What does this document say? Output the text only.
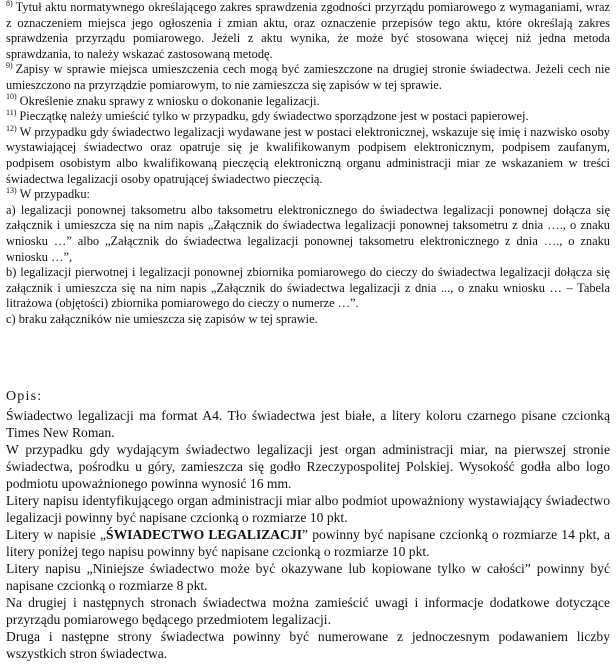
$^{8)}$ Tytuł aktu normatywnego określającego zakres sprawdzenia zgodności przyrządu pomiarowego z wymaganiami, wraz z oznaczeniem miejsca jego ogłoszenia i zmian aktu, oraz oznaczenie przepisów tego aktu, które określają zakres sprawdzenia przyrządu pomiarowego. Jeżeli z aktu wynika, że może być stosowana więcej niż jedna metoda sprawdzania, to należy wskazać zastosowaną metodę.

$^{9)}$ Zapisy w sprawie miejsca umieszczenia cech mogą być zamieszczone na drugiej stronie świadectwa. Jeżeli cech nie umieszczono na przyrządzie pomiarowym, to nie zamieszcza się zapisów w tej sprawie.

$^{10)}$ Określenie znaku sprawy z wniosku o dokonanie legalizacji.

$^{11)}$ Pieczątkę należy umieścić tylko w przypadku, gdy świadectwo sporządzone jest w postaci papierowej.

$^{12)}$ W przypadku gdy świadectwo legalizacji wydawane jest w postaci elektronicznej, wskazuje się imię i nazwisko osoby wystawiającej świadectwo oraz opatruje się je kwalifikowanym podpisem elektronicznym, podpisem zaufanym, podpisem osobistym albo kwalifikowaną pieczęcią elektroniczną organu administracji miar ze wskazaniem w treści świadectwa legalizacji osoby opatrującej świadectwo pieczęcią.

$^{13)}$ W przypadku:

a) legalizacji ponownej taksometru albo taksometru elektronicznego do świadectwa legalizacji ponownej dołącza się załącznik i umieszcza się na nim napis „Załącznik do świadectwa legalizacji ponownej taksometru z dnia …., o znaku wniosku …” albo „Załącznik do świadectwa legalizacji ponownej taksometru elektronicznego z dnia …., o znaku wniosku …”,

b) legalizacji pierwotnej i legalizacji ponownej zbiornika pomiarowego do cieczy do świadectwa legalizacji dołącza się załącznik i umieszcza się na nim napis „Załącznik do świadectwa legalizacji z dnia ..., o znaku wniosku … – Tabela litrażowa (objętości) zbiornika pomiarowego do cieczy o numerze …”.

c) braku załączników nie umieszcza się zapisów w tej sprawie.

Opis:

Świadectwo legalizacji ma format A4. Tło świadectwa jest białe, a litery koloru czarnego pisane czcionką Times New Roman.

W przypadku gdy wydającym świadectwo legalizacji jest organ administracji miar, na pierwszej stronie świadectwa, pośrodku u góry, zamieszcza się godło Rzeczypospolitej Polskiej. Wysokość godła albo logo podmiotu upoważnionego powinna wynosić 16 mm.

Litery napisu identyfikującego organ administracji miar albo podmiot upoważniony wystawiający świadectwo legalizacji powinny być napisane czcionką o rozmiarze 10 pkt.

Litery w napisie „ŚWIADECTWO LEGALIZACJI” powinny być napisane czcionką o rozmiarze 14 pkt, a litery poniżej tego napisu powinny być napisane czcionką o rozmiarze 10 pkt.

Litery napisu „Niniejsze świadectwo może być okazywane lub kopiowane tylko w całości” powinny być napisane czcionką o rozmiarze 8 pkt.

Na drugiej i następnych stronach świadectwa można zamieścić uwagi i informacje dodatkowe dotyczące przyrządu pomiarowego będącego przedmiotem legalizacji.

Druga i następne strony świadectwa powinny być numerowane z jednoczesnym podawaniem liczby wszystkich stron świadectwa.
